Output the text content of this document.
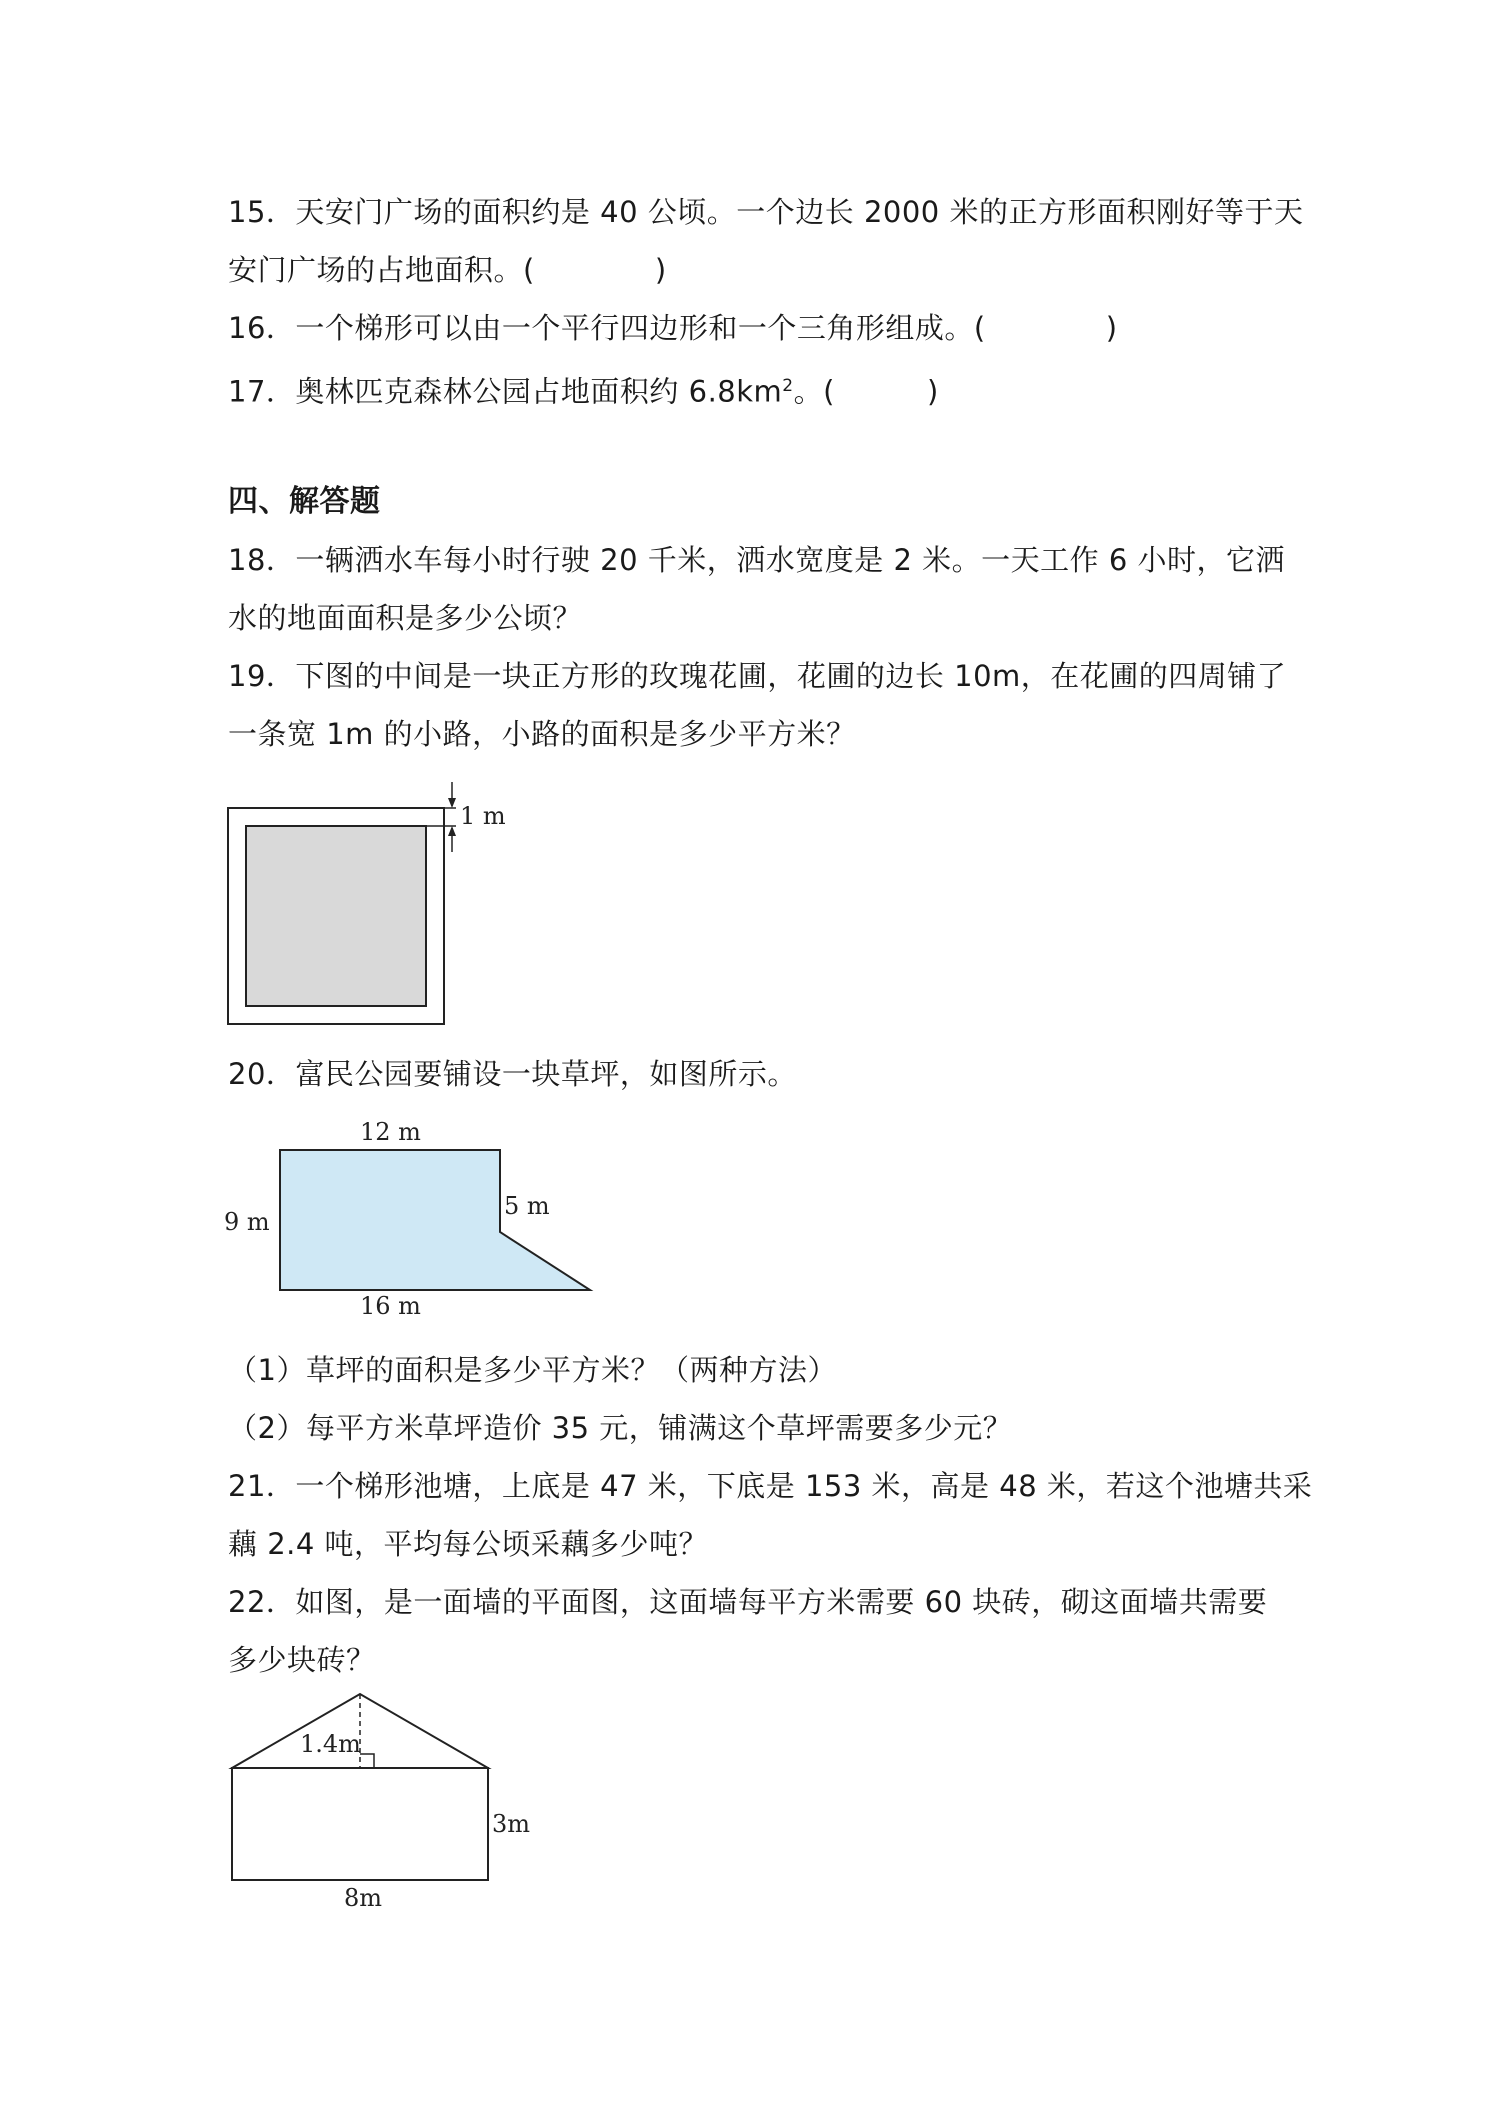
15．天安门广场的面积约是 40 公顷。一个边长 2000 米的正方形面积刚好等于天
安门广场的占地面积。(	)
16．一个梯形可以由一个平行四边形和一个三角形组成。(	)
17．奥林匹克森林公园占地面积约 $6.8km^2$。(	)
四、解答题
18．一辆洒水车每小时行驶 20 千米，洒水宽度是 2 米。一天工作 6 小时，它洒
水的地面面积是多少公顷？
19．下图的中间是一块正方形的玫瑰花圃，花圃的边长 10m，在花圃的四周铺了
一条宽 1m 的小路，小路的面积是多少平方米？
1 m
20．富民公园要铺设一块草坪，如图所示。
12 m
9 m
5 m
16 m
（1）草坪的面积是多少平方米？（两种方法）
（2）每平方米草坪造价 35 元，铺满这个草坪需要多少元？
21．一个梯形池塘，上底是 47 米，下底是 153 米，高是 48 米，若这个池塘共采
藕 2.4 吨，平均每公顷采藕多少吨？
22．如图，是一面墙的平面图，这面墙每平方米需要 60 块砖，砌这面墙共需要
多少块砖？
1.4m
3m
8m
